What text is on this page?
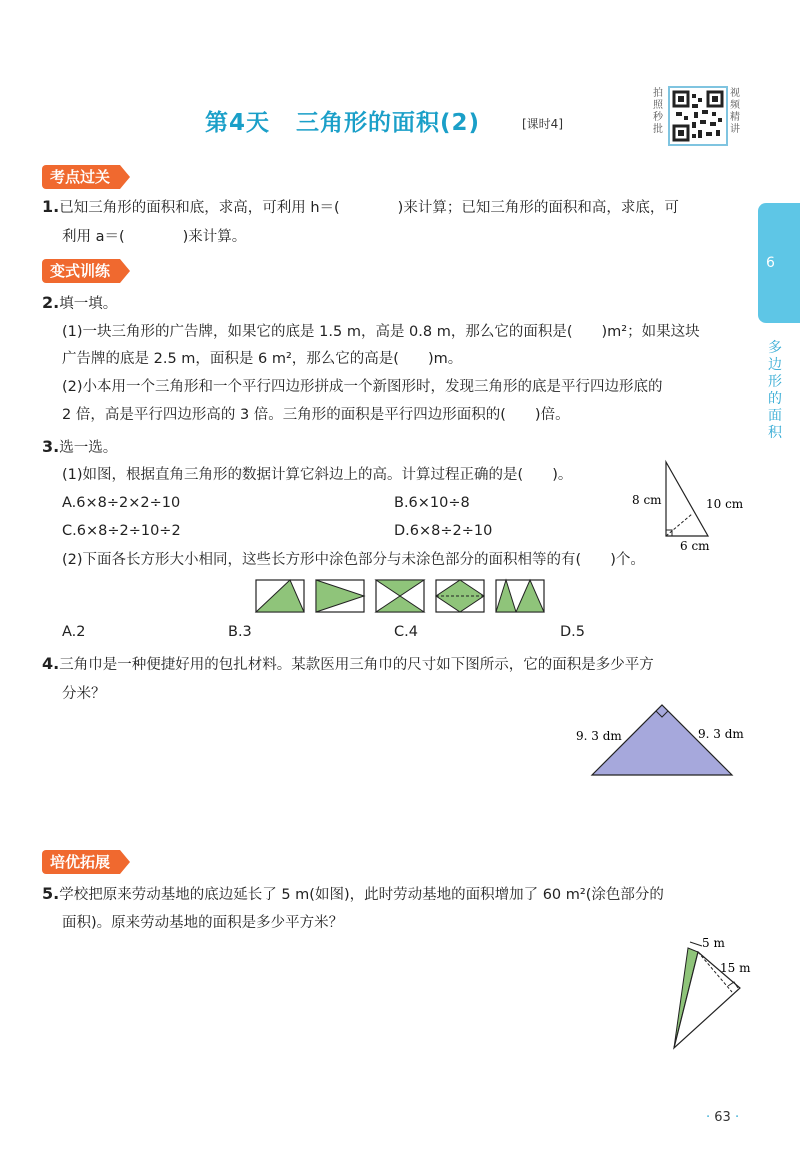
第4天 三角形的面积(2)	[课时4]
拍照秒批
视频精讲
6
多边形的面积
考点过关
1.已知三角形的面积和底，求高，可利用 h＝(　　　　)来计算；已知三角形的面积和高，求底，可
利用 a＝(　　　　)来计算。
变式训练
2.填一填。
(1)一块三角形的广告牌，如果它的底是 1.5 m，高是 0.8 m，那么它的面积是(　　)m²；如果这块
广告牌的底是 2.5 m，面积是 6 m²，那么它的高是(　　)m。
(2)小本用一个三角形和一个平行四边形拼成一个新图形时，发现三角形的底是平行四边形底的
2 倍，高是平行四边形高的 3 倍。三角形的面积是平行四边形面积的(　　)倍。
3.选一选。
(1)如图，根据直角三角形的数据计算它斜边上的高。计算过程正确的是(　　)。
A.6×8÷2×2÷10	B.6×10÷8
C.6×8÷2÷10÷2	D.6×8÷2÷10
8 cm	10 cm
6 cm
(2)下面各长方形大小相同，这些长方形中涂色部分与未涂色部分的面积相等的有(　　)个。
A.2	B.3	C.4	D.5
4.三角巾是一种便捷好用的包扎材料。某款医用三角巾的尺寸如下图所示，它的面积是多少平方
分米？
9. 3 dm	9. 3 dm
培优拓展
5.学校把原来劳动基地的底边延长了 5 m(如图)，此时劳动基地的面积增加了 60 m²(涂色部分的
面积)。原来劳动基地的面积是多少平方米？
5 m
15 m
· 63 ·
